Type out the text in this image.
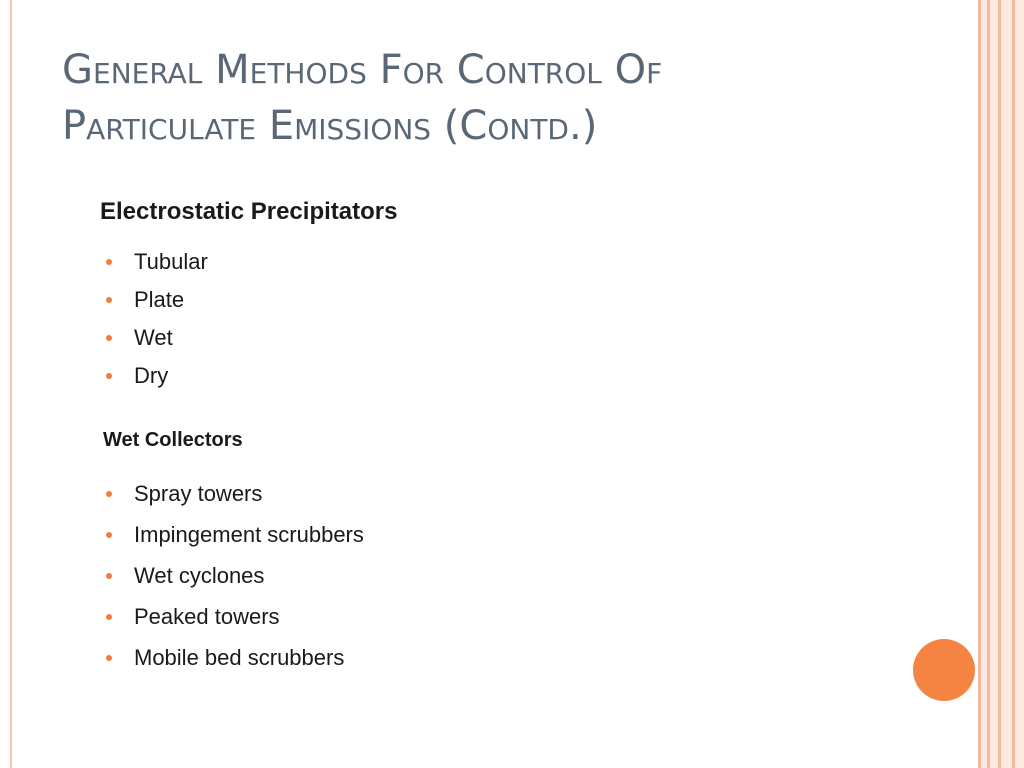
General Methods For Control Of
Particulate Emissions (Contd.)
Electrostatic Precipitators
Tubular
Plate
Wet
Dry
Wet Collectors
Spray towers
Impingement scrubbers
Wet cyclones
Peaked towers
Mobile bed scrubbers
